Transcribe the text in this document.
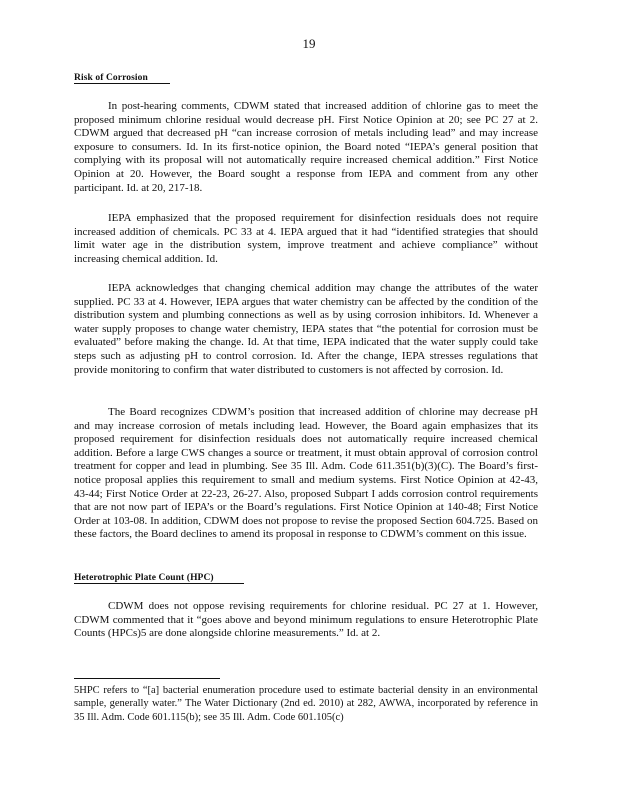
19
Risk of Corrosion

In post-hearing comments, CDWM stated that increased addition of chlorine gas to meet the proposed minimum chlorine residual would decrease pH. First Notice Opinion at 20; see PC 27 at 2. CDWM argued that decreased pH “can increase corrosion of metals including lead” and may increase exposure to consumers. Id. In its first-notice opinion, the Board noted “IEPA’s general position that complying with its proposal will not automatically require increased chemical addition.” First Notice Opinion at 20. However, the Board sought a response from IEPA and comment from any other participant. Id. at 20, 217-18.

IEPA emphasized that the proposed requirement for disinfection residuals does not require increased addition of chemicals. PC 33 at 4. IEPA argued that it had “identified strategies that should limit water age in the distribution system, improve treatment and achieve compliance” without increasing chemical addition. Id.

IEPA acknowledges that changing chemical addition may change the attributes of the water supplied. PC 33 at 4. However, IEPA argues that water chemistry can be affected by the condition of the distribution system and plumbing connections as well as by using corrosion inhibitors. Id. Whenever a water supply proposes to change water chemistry, IEPA states that “the potential for corrosion must be evaluated” before making the change. Id. At that time, IEPA indicated that the water supply could take steps such as adjusting pH to control corrosion. Id. After the change, IEPA stresses regulations that provide monitoring to confirm that water distributed to customers is not affected by corrosion. Id.

The Board recognizes CDWM’s position that increased addition of chlorine may decrease pH and may increase corrosion of metals including lead. However, the Board again emphasizes that its proposed requirement for disinfection residuals does not automatically require increased chemical addition. Before a large CWS changes a source or treatment, it must obtain approval of corrosion control treatment for copper and lead in plumbing. See 35 Ill. Adm. Code 611.351(b)(3)(C). The Board’s first-notice proposal applies this requirement to small and medium systems. First Notice Opinion at 42-43, 43-44; First Notice Order at 22-23, 26-27. Also, proposed Subpart I adds corrosion control requirements that are not now part of IEPA’s or the Board’s regulations. First Notice Opinion at 140-48; First Notice Order at 103-08. In addition, CDWM does not propose to revise the proposed Section 604.725. Based on these factors, the Board declines to amend its proposal in response to CDWM’s comment on this issue.

Heterotrophic Plate Count (HPC)

CDWM does not oppose revising requirements for chlorine residual. PC 27 at 1. However, CDWM commented that it “goes above and beyond minimum regulations to ensure Heterotrophic Plate Counts (HPCs)5 are done alongside chlorine measurements.” Id. at 2.

5HPC refers to “[a] bacterial enumeration procedure used to estimate bacterial density in an environmental sample, generally water.” The Water Dictionary (2nd ed. 2010) at 282, AWWA, incorporated by reference in 35 Ill. Adm. Code 601.115(b); see 35 Ill. Adm. Code 601.105(c)
